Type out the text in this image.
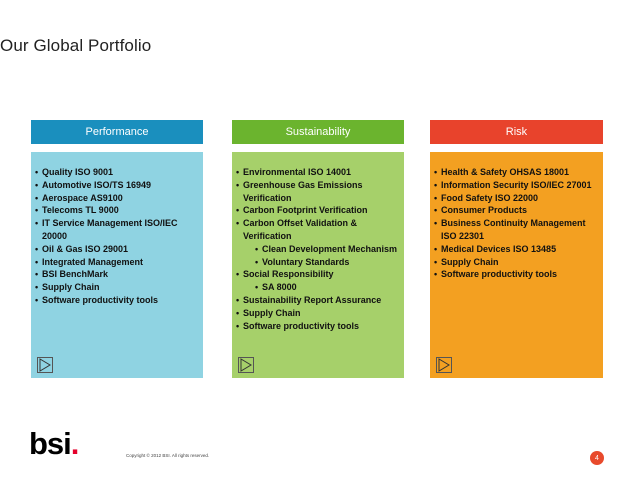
Our Global Portfolio
Performance
• Quality ISO 9001
• Automotive ISO/TS 16949
• Aerospace AS9100
• Telecoms TL 9000
• IT Service Management ISO/IEC 20000
• Oil & Gas ISO 29001
• Integrated Management
• BSI BenchMark
• Supply Chain
• Software productivity tools
Sustainability
• Environmental ISO 14001
• Greenhouse Gas Emissions Verification
• Carbon Footprint Verification
• Carbon Offset Validation & Verification
• Clean Development Mechanism
• Voluntary Standards
• Social Responsibility
• SA 8000
• Sustainability Report Assurance
• Supply Chain
• Software productivity tools
Risk
• Health & Safety OHSAS 18001
• Information Security ISO/IEC 27001
• Food Safety ISO 22000
• Consumer Products
• Business Continuity Management ISO 22301
• Medical Devices ISO 13485
• Supply Chain
• Software productivity tools
bsi.	Copyright © 2012 BSI. All rights reserved.	4
